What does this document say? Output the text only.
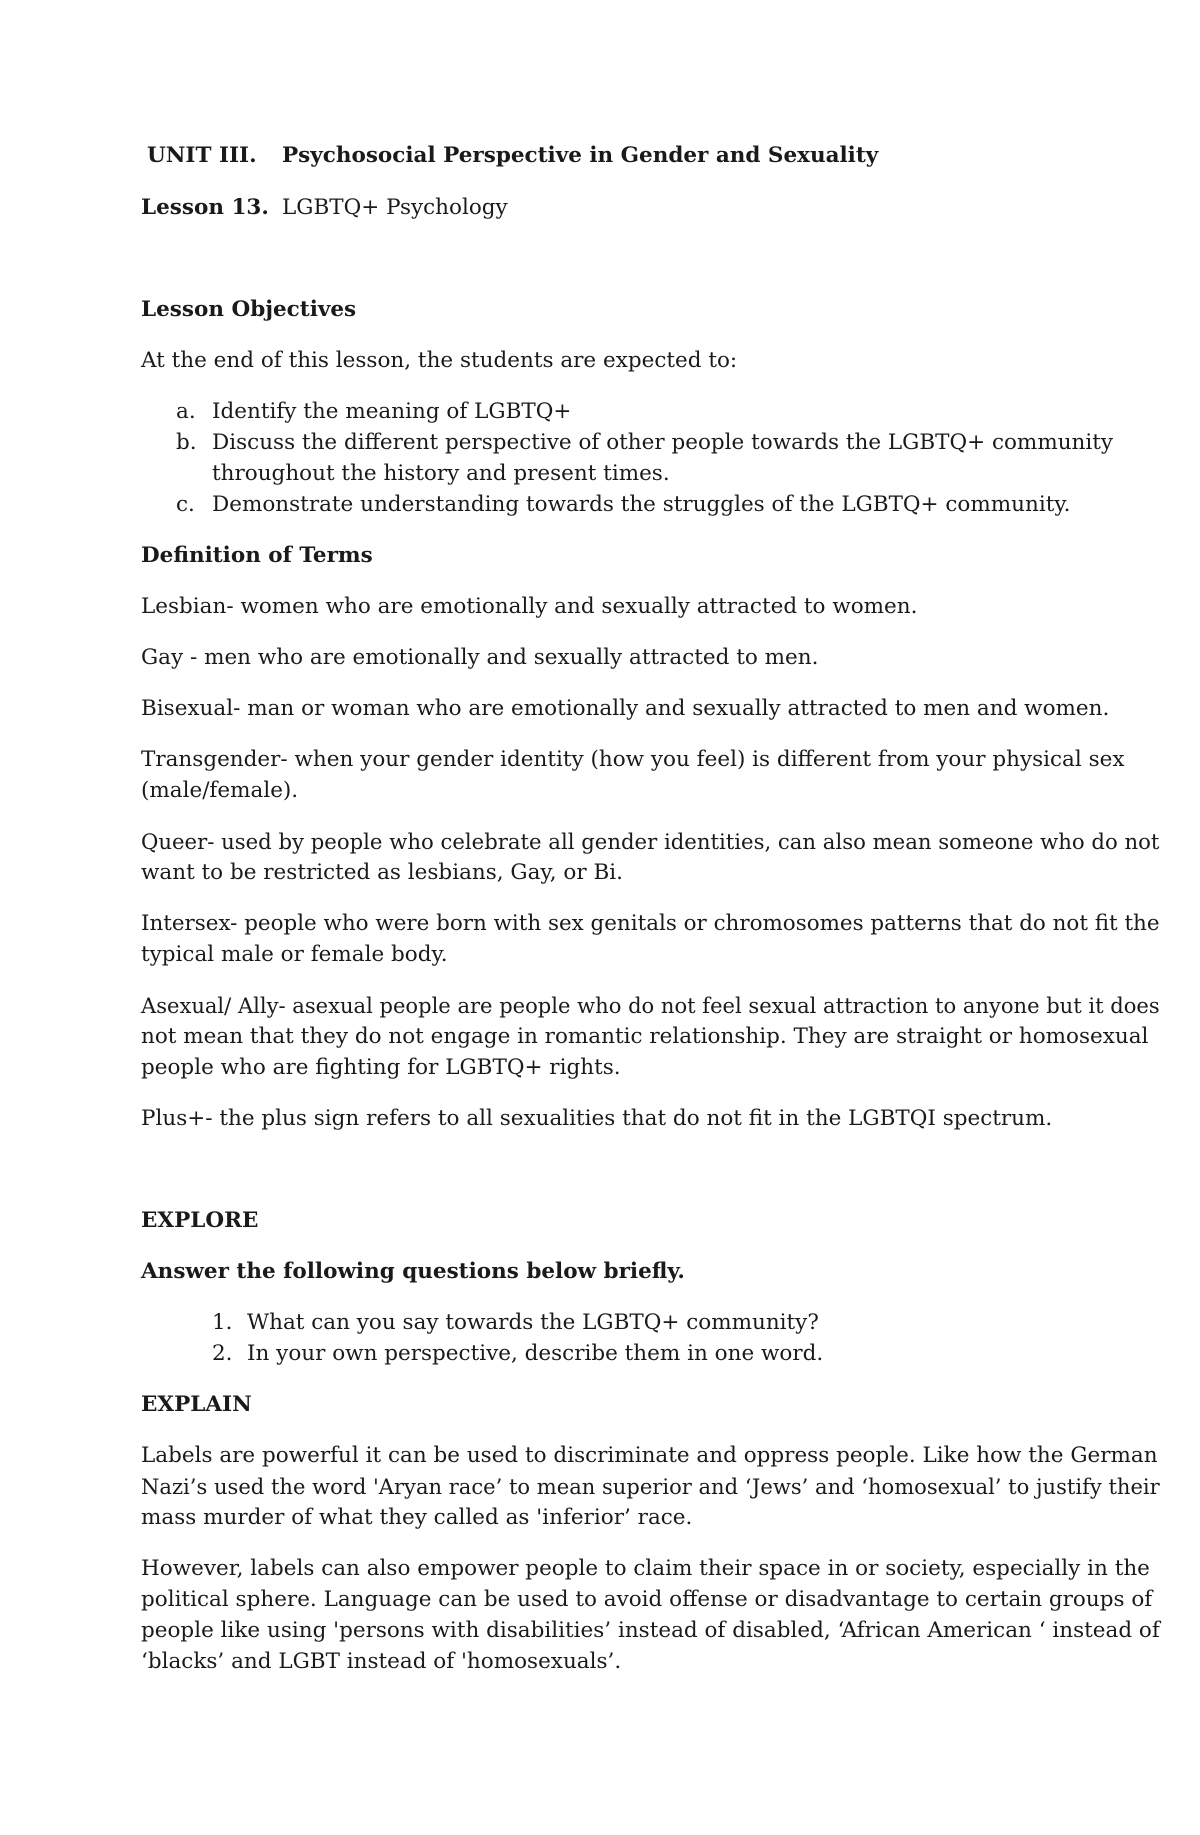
UNIT III. Psychosocial Perspective in Gender and Sexuality
Lesson 13. LGBTQ+ Psychology
Lesson Objectives
At the end of this lesson, the students are expected to:
a. Identify the meaning of LGBTQ+
b. Discuss the different perspective of other people towards the LGBTQ+ community
throughout the history and present times.
c. Demonstrate understanding towards the struggles of the LGBTQ+ community.
Definition of Terms
Lesbian- women who are emotionally and sexually attracted to women.
Gay - men who are emotionally and sexually attracted to men.
Bisexual- man or woman who are emotionally and sexually attracted to men and women.
Transgender- when your gender identity (how you feel) is different from your physical sex
(male/female).
Queer- used by people who celebrate all gender identities, can also mean someone who do not
want to be restricted as lesbians, Gay, or Bi.
Intersex- people who were born with sex genitals or chromosomes patterns that do not fit the
typical male or female body.
Asexual/ Ally- asexual people are people who do not feel sexual attraction to anyone but it does
not mean that they do not engage in romantic relationship. They are straight or homosexual
people who are fighting for LGBTQ+ rights.
Plus+- the plus sign refers to all sexualities that do not fit in the LGBTQI spectrum.
EXPLORE
Answer the following questions below briefly.
1. What can you say towards the LGBTQ+ community?
2. In your own perspective, describe them in one word.
EXPLAIN
Labels are powerful it can be used to discriminate and oppress people. Like how the German
Nazi’s used the word 'Aryan race’ to mean superior and ‘Jews’ and ‘homosexual’ to justify their
mass murder of what they called as 'inferior’ race.
However, labels can also empower people to claim their space in or society, especially in the
political sphere. Language can be used to avoid offense or disadvantage to certain groups of
people like using 'persons with disabilities’ instead of disabled, ‘African American ‘ instead of
‘blacks’ and LGBT instead of 'homosexuals’.
